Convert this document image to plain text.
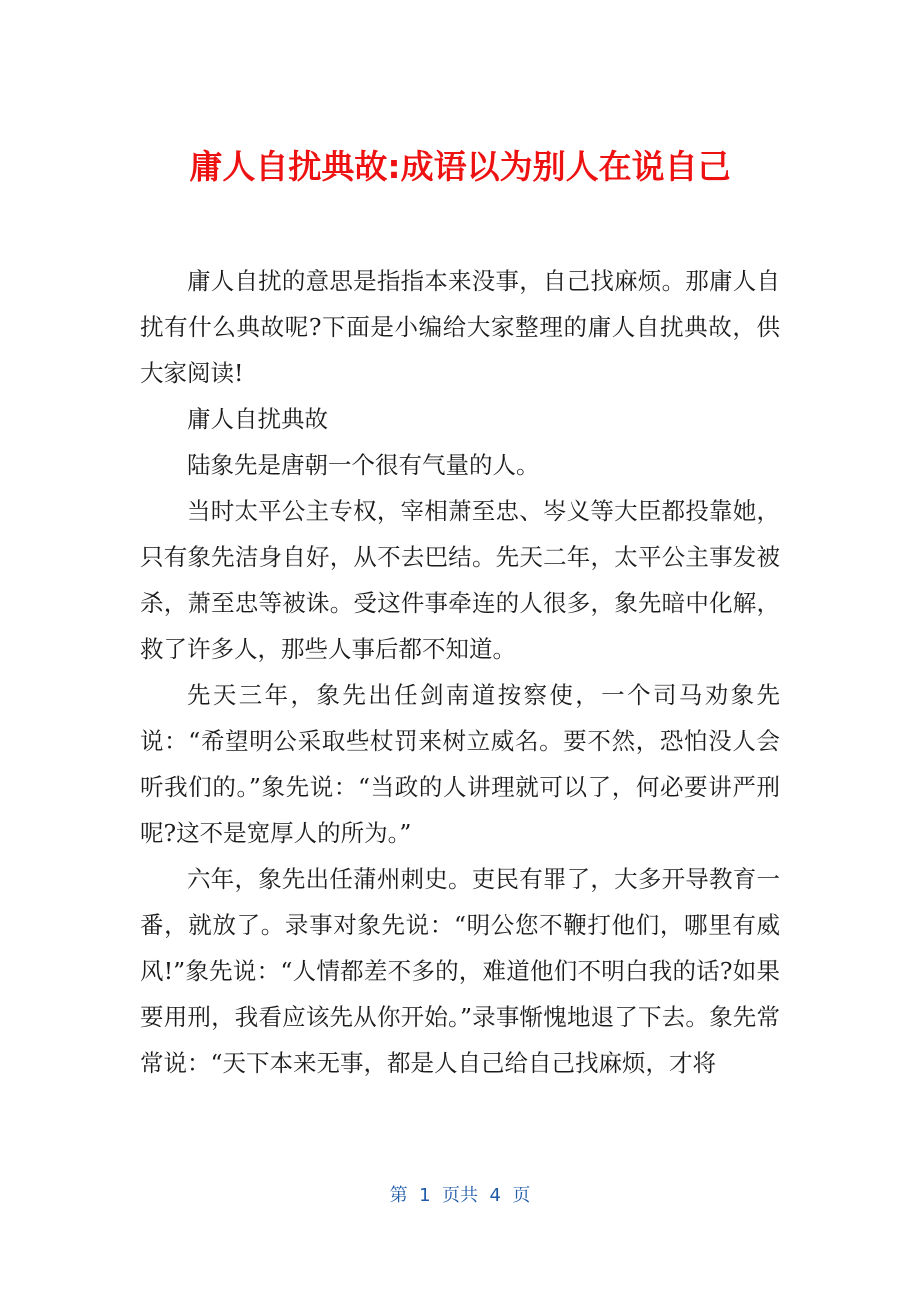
庸人自扰典故:成语以为别人在说自己

庸人自扰的意思是指指本来没事，自己找麻烦。那庸人自扰有什么典故呢?下面是小编给大家整理的庸人自扰典故，供大家阅读!

庸人自扰典故

陆象先是唐朝一个很有气量的人。

当时太平公主专权，宰相萧至忠、岑义等大臣都投靠她，只有象先洁身自好，从不去巴结。先天二年，太平公主事发被杀，萧至忠等被诛。受这件事牵连的人很多，象先暗中化解，救了许多人，那些人事后都不知道。

先天三年，象先出任剑南道按察使，一个司马劝象先说：“希望明公采取些杖罚来树立威名。要不然，恐怕没人会听我们的。”象先说：“当政的人讲理就可以了，何必要讲严刑呢?这不是宽厚人的所为。”

六年，象先出任蒲州刺史。吏民有罪了，大多开导教育一番，就放了。录事对象先说：“明公您不鞭打他们，哪里有威风!”象先说：“人情都差不多的，难道他们不明白我的话?如果要用刑，我看应该先从你开始。”录事惭愧地退了下去。象先常常说：“天下本来无事，都是人自己给自己找麻烦，才将

第  1  页共  4  页
